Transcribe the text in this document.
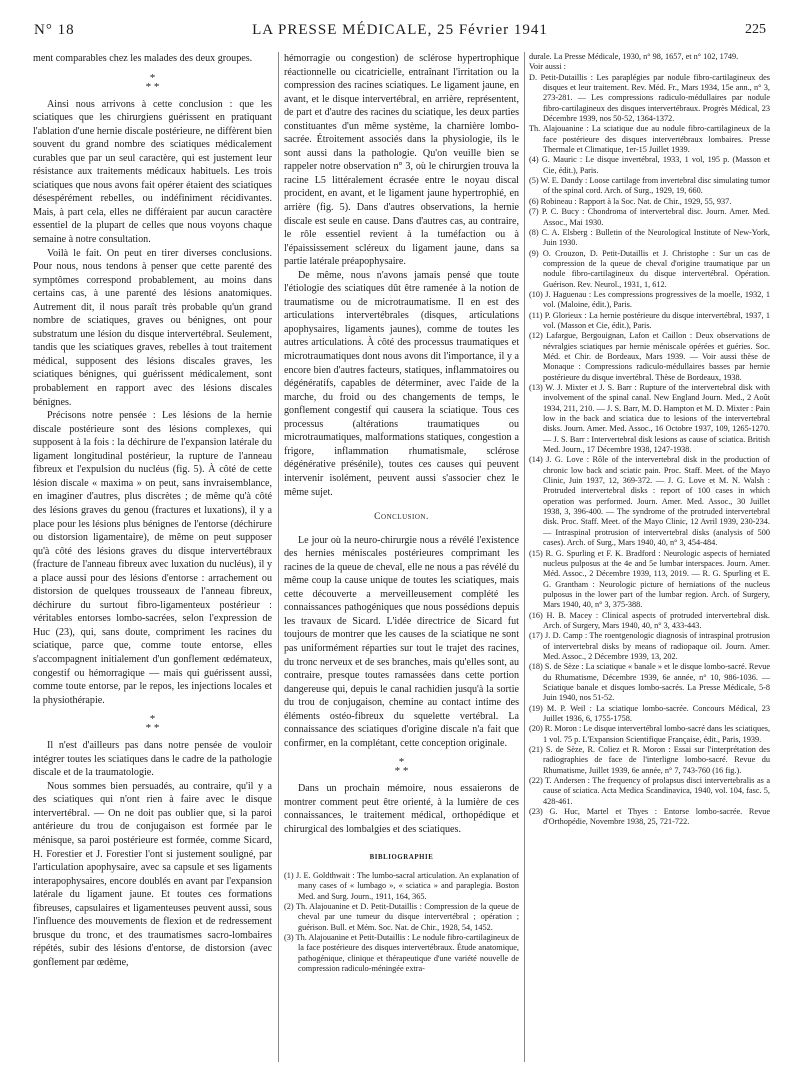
N° 18	LA PRESSE MÉDICALE, 25 Février 1941	225

ment comparables chez les malades des deux groupes.

*
* *

Ainsi nous arrivons à cette conclusion : que les sciatiques que les chirurgiens guérissent en pratiquant l'ablation d'une hernie discale postérieure, ne diffèrent bien souvent du grand nombre des sciatiques médicalement curables que par un seul caractère, qui est justement leur résistance aux traitements médicaux habituels. Les trois sciatiques que nous avons fait opérer étaient des sciatiques désespérément rebelles, ou indéfiniment récidivantes. Mais, à part cela, elles ne différaient par aucun caractère essentiel de la plupart de celles que nous voyons chaque semaine à notre consultation.

Voilà le fait. On peut en tirer diverses conclusions. Pour nous, nous tendons à penser que cette parenté des symptômes correspond probablement, au moins dans certains cas, à une parenté des lésions anatomiques. Autrement dit, il nous paraît très probable qu'un grand nombre de sciatiques, graves ou bénignes, ont pour substratum une lésion du disque intervertébral. Seulement, tandis que les sciatiques graves, rebelles à tout traitement médical, supposent des lésions discales graves, les sciatiques bénignes, qui guérissent médicalement, sont probablement en rapport avec des lésions discales bénignes.

Précisons notre pensée : Les lésions de la hernie discale postérieure sont des lésions complexes, qui supposent à la fois : la déchirure de l'expansion latérale du ligament longitudinal postérieur, la rupture de l'anneau fibreux et l'expulsion du nucléus (fig. 5). À côté de cette lésion discale « maxima » on peut, sans invraisemblance, en imaginer d'autres, plus discrètes ; de même qu'à côté des lésions graves du genou (fractures et luxations), il y a place pour les lésions plus bénignes de l'entorse (déchirure ou distorsion ligamentaire), de même on peut supposer qu'à côté des lésions graves du disque intervertébraux (fracture de l'anneau fibreux avec luxation du nucléus), il y a place aussi pour des lésions d'entorse : arrachement ou distorsion de quelques trousseaux de l'anneau fibreux, déchirure du surtout fibro-ligamenteux postérieur : véritables entorses lombo-sacrées, selon l'expression de Huc (23), qui, sans doute, compriment les racines du sciatique, parce que, comme toute entorse, elles s'accompagnent initialement d'un gonflement œdémateux, congestif ou hémorragique — mais qui guérissent aussi, comme toute entorse, par le repos, les injections locales et la physiothérapie.

*
* *

Il n'est d'ailleurs pas dans notre pensée de vouloir intégrer toutes les sciatiques dans le cadre de la pathologie discale et de la traumatologie.

Nous sommes bien persuadés, au contraire, qu'il y a des sciatiques qui n'ont rien à faire avec le disque intervertébral. — On ne doit pas oublier que, si la paroi antérieure du trou de conjugaison est formée par le ménisque, sa paroi postérieure est formée, comme Sicard, H. Forestier et J. Forestier l'ont si justement souligné, par l'articulation apophysaire, avec sa capsule et ses ligaments interapophysaires, encore doublés en avant par l'expansion latérale du ligament jaune. Et toutes ces formations fibreuses, capsulaires et ligamenteuses peuvent aussi, sous l'influence des mouvements de flexion et de redressement brusque du tronc, et des traumatismes sacro-lombaires répétés, subir des lésions d'entorse, de distorsion (avec gonflement par œdème,

hémorragie ou congestion) de sclérose hypertrophique réactionnelle ou cicatricielle, entraînant l'irritation ou la compression des racines sciatiques. Le ligament jaune, en avant, et le disque intervertébral, en arrière, représentent, de part et d'autre des racines du sciatique, les deux parties constituantes d'un même système, la charnière lombo-sacrée. Étroitement associés dans la physiologie, ils le sont aussi dans la pathologie. Qu'on veuille bien se rappeler notre observation n° 3, où le chirurgien trouva la racine L5 littéralement écrasée entre le noyau discal procident, en avant, et le ligament jaune hypertrophié, en arrière (fig. 5). Dans d'autres observations, la hernie discale est seule en cause. Dans d'autres cas, au contraire, le rôle essentiel revient à la tuméfaction ou à l'épaississement scléreux du ligament jaune, dans sa partie latérale préapophysaire.

De même, nous n'avons jamais pensé que toute l'étiologie des sciatiques dût être ramenée à la notion de traumatisme ou de microtraumatisme. Il en est des articulations intervertébrales (disques, articulations apophysaires, ligaments jaunes), comme de toutes les autres articulations. À côté des processus traumatiques et microtraumatiques dont nous avons dit l'importance, il y a encore bien d'autres facteurs, statiques, inflammatoires ou dégénératifs, capables de déterminer, avec l'aide de la marche, du froid ou des changements de temps, le gonflement congestif qui causera la sciatique. Tous ces processus (altérations traumatiques ou microtraumatiques, malformations statiques, congestion a frigore, inflammation rhumatismale, sclérose dégénérative présénile), toutes ces causes qui peuvent intervenir isolément, peuvent aussi s'associer chez le même sujet.

Conclusion.

Le jour où la neuro-chirurgie nous a révélé l'existence des hernies méniscales postérieures comprimant les racines de la queue de cheval, elle ne nous a pas révélé du même coup la cause unique de toutes les sciatiques, mais cette découverte a merveilleusement complété les connaissances pathogéniques que nous possédions depuis les travaux de Sicard. L'idée directrice de Sicard fut toujours de montrer que les causes de la sciatique ne sont pas uniformément réparties sur tout le trajet des racines, du tronc nerveux et de ses branches, mais qu'elles sont, au contraire, presque toutes ramassées dans cette portion dangereuse qui, depuis le canal rachidien jusqu'à la sortie du trou de conjugaison, chemine au contact intime des éléments ostéo-fibreux du squelette vertébral. La connaissance des sciatiques d'origine discale n'a fait que confirmer, en la complétant, cette conception originale.

*
* *

Dans un prochain mémoire, nous essaierons de montrer comment peut être orienté, à la lumière de ces connaissances, le traitement médical, orthopédique et chirurgical des lombalgies et des sciatiques.

BIBLIOGRAPHIE
(1) J. E. Goldthwait : The lumbo-sacral articulation. An explanation of many cases of « lumbago », « sciatica » and paraplegia. Boston Med. and Surg. Journ., 1911, 164, 365.
(2) Th. Alajouanine et D. Petit-Dutaillis : Compression de la queue de cheval par une tumeur du disque intervertébral ; opération ; guérison. Bull. et Mém. Soc. Nat. de Chir., 1928, 54, 1452.
(3) Th. Alajouanine et Petit-Dutaillis : Le nodule fibro-cartilagineux de la face postérieure des disques intervertébraux. Étude anatomique, pathogénique, clinique et thérapeutique d'une variété nouvelle de compression radiculo-méningée extra-
durale. La Presse Médicale, 1930, n° 98, 1657, et n° 102, 1749.
Voir aussi :
D. Petit-Dutaillis : Les paraplégies par nodule fibro-cartilagineux des disques et leur traitement. Rev. Méd. Fr., Mars 1934, 15e ann., n° 3, 273-281. — Les compressions radiculo-médullaires par nodule fibro-cartilagineux des disques intervertébraux. Progrès Médical, 23 Décembre 1939, nos 50-52, 1364-1372.
Th. Alajouanine : La sciatique due au nodule fibro-cartilagineux de la face postérieure des disques intervertébraux lombaires. Presse Thermale et Climatique, 1er-15 Juillet 1939.
(4) G. Mauric : Le disque invertébral, 1933, 1 vol, 195 p. (Masson et Cie, édit.), Paris.
(5) W. E. Dandy : Loose cartilage from invertebral disc simulating tumor of the spinal cord. Arch. of Surg., 1929, 19, 660.
(6) Robineau : Rapport à la Soc. Nat. de Chir., 1929, 55, 937.
(7) P. C. Bucy : Chondroma of intervertebral disc. Journ. Amer. Med. Assoc., Mai 1930.
(8) C. A. Elsberg : Bulletin of the Neurological Institute of New-York, Juin 1930.
(9) O. Crouzon, D. Petit-Dutaillis et J. Christophe : Sur un cas de compression de la queue de cheval d'origine traumatique par un nodule fibro-cartilagineux du disque intervertébral. Opération. Guérison. Rev. Neurol., 1931, 1, 612.
(10) J. Haguenau : Les compressions progressives de la moelle, 1932, 1 vol. (Maloine, édit.), Paris.
(11) P. Glorieux : La hernie postérieure du disque intervertébral, 1937, 1 vol. (Masson et Cie, édit.), Paris.
(12) Lafargue, Bergouignan, Lafon et Caillon : Deux observations de névralgies sciatiques par hernie méniscale opérées et guéries. Soc. Méd. et Chir. de Bordeaux, Mars 1939. — Voir aussi thèse de Monaque : Compressions radiculo-médullaires basses par hernie postérieure du disque invertébral. Thèse de Bordeaux, 1938.
(13) W. J. Mixter et J. S. Barr : Rupture of the intervertebral disk with involvement of the spinal canal. New England Journ. Med., 2 Août 1934, 211, 210. — J. S. Barr, M. D. Hampton et M. D. Mixter : Pain low in the back and sciatica due to lesions of the intervertebral disks. Journ. Amer. Med. Assoc., 16 Octobre 1937, 109, 1265-1270. — J. S. Barr : Intervertebral disk lesions as cause of sciatica. British Med. Journ., 17 Décembre 1938, 1247-1938.
(14) J. G. Love : Rôle of the intervertebral disk in the production of chronic low back and sciatic pain. Proc. Staff. Meet. of the Mayo Clinic, Juin 1937, 12, 369-372. — J. G. Love et M. N. Walsh : Protruded intervertebral disks : report of 100 cases in which operation was performed. Journ. Amer. Med. Assoc., 30 Juillet 1938, 3, 396-400. — The syndrome of the protruded intervertebral disk. Proc. Staff. Meet. of the Mayo Clinic, 12 Avril 1939, 230-234. — Intraspinal protrusion of intervertebral disks (analysis of 500 cases). Arch. of Surg., Mars 1940, 40, n° 3, 454-484.
(15) R. G. Spurling et F. K. Bradford : Neurologic aspects of herniated nucleus pulposus at the 4e and 5e lumbar interspaces. Journ. Amer. Méd. Assoc., 2 Décembre 1939, 113, 2019. — R. G. Spurling et E. G. Grantham : Neurologic picture of herniations of the nucleus pulposus in the lower part of the lumbar region. Arch. of Surgery, Mars 1940, 40, n° 3, 375-388.
(16) H. B. Macey : Clinical aspects of protruded intervertebral disk. Arch. of Surgery, Mars 1940, 40, n° 3, 433-443.
(17) J. D. Camp : The roentgenologic diagnosis of intraspinal protrusion of intervertebral disks by means of radiopaque oil. Journ. Amer. Med. Assoc., 2 Décembre 1939, 13, 202.
(18) S. de Sèze : La sciatique « banale » et le disque lombo-sacré. Revue du Rhumatisme, Décembre 1939, 6e année, n° 10, 986-1036. — Sciatique banale et disques lombo-sacrés. La Presse Médicale, 5-8 Juin 1940, nos 51-52.
(19) M. P. Weil : La sciatique lombo-sacrée. Concours Médical, 23 Juillet 1936, 6, 1755-1758.
(20) R. Moron : Le disque intervertébral lombo-sacré dans les sciatiques, 1 vol. 75 p. L'Expansion Scientifique Française, édit., Paris, 1939.
(21) S. de Sèze, R. Coliez et R. Moron : Essai sur l'interprétation des radiographies de face de l'interligne lombo-sacré. Revue du Rhumatisme, Juillet 1939, 6e année, n° 7, 743-760 (16 fig.).
(22) T. Andersen : The frequency of prolapsus disci intervertebralis as a cause of sciatica. Acta Medica Scandinavica, 1940, vol. 104, fasc. 5, 428-461.
(23) G. Huc, Martel et Thyes : Entorse lombo-sacrée. Revue d'Orthopédie, Novembre 1938, 25, 721-722.
